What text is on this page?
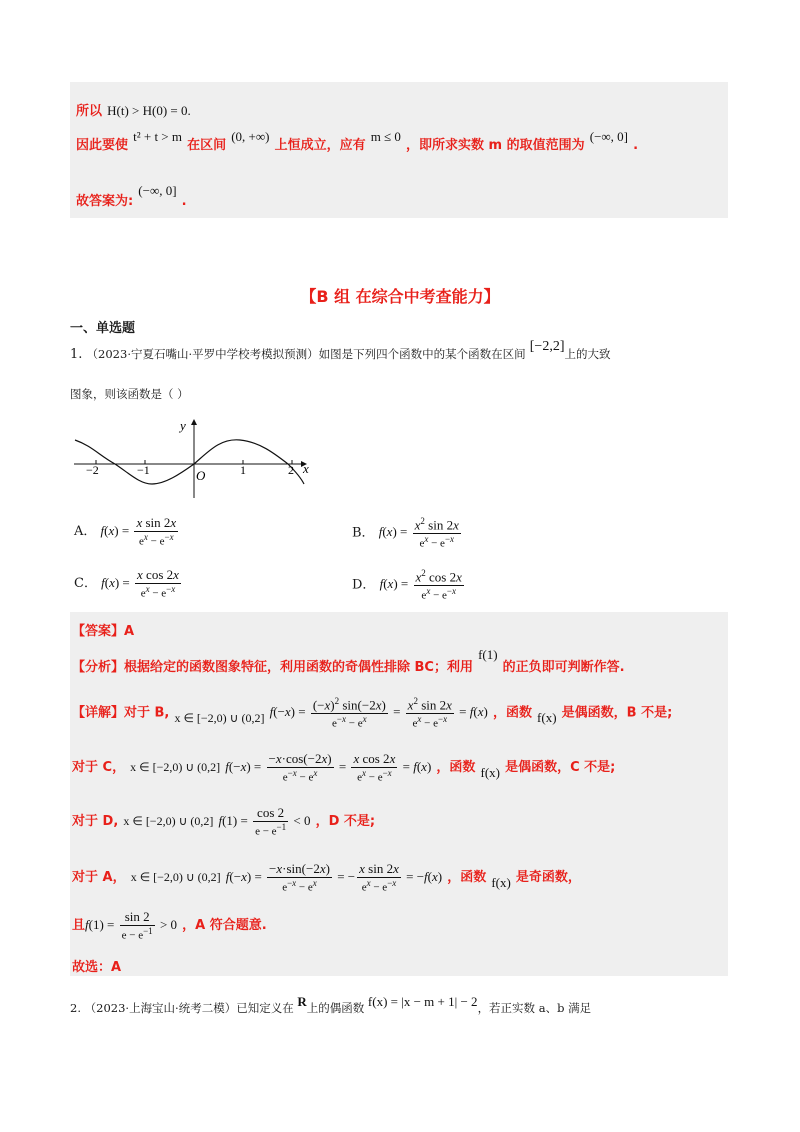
所以 H(t) > H(0) = 0.
因此要使 $^{t^2 + t > m}$ 在区间 $^{(0, +\infty)}$ 上恒成立，应有 $^{m \le 0}$ ，即所求实数 m 的取值范围为 $^{(-\infty, 0]}$ .
故答案为: $^{(-\infty, 0]}$ .
【B 组 在综合中考查能力】
一、单选题
1. （2023·宁夏石嘴山·平罗中学校考模拟预测）如图是下列四个函数中的某个函数在区间 [−2,2]上的大致
图象，则该函数是（ ）
y
x
O
−2	−1	1	2
A． $f(x) = \frac{\text{x sin 2x}}{e^x - e^{-x}}$	B． $f(x) = \frac{x^2 \sin 2x}{e^x - e^{-x}}$
C． $f(x) = \frac{\text{x cos 2x}}{e^x - e^{-x}}$	D． $f(x) = \frac{x^2 \cos 2x}{e^x - e^{-x}}$
【答案】A
【分析】根据给定的函数图象特征，利用函数的奇偶性排除 BC；利用 $^{f(1)}$ 的正负即可判断作答.
【详解】对于 B, $_{x \in [-2,0) \cup (0,2]}$ $f(-x) = \frac{(-x)^2 \sin(-2x)}{e^{-x} - e^x} = \frac{x^2 \sin 2x}{e^x - e^{-x}} = f(x)$ ，函数 $_{f(x)}$ 是偶函数，B 不是;
对于 C， x ∈ [−2,0) ∪ (0,2] $f(-x) = \frac{-x\cdot\cos(-2x)}{e^{-x} - e^x} = \frac{\text{x cos 2x}}{e^x - e^{-x}} = f(x)$ ，函数 $_{f(x)}$ 是偶函数，C 不是;
对于 D, x ∈ [−2,0) ∪ (0,2] $f(1) = \frac{\cos 2}{e - e^{-1}} < 0$ ，D 不是;
对于 A， x ∈ [−2,0) ∪ (0,2] $f(-x) = \frac{-x\cdot\sin(-2x)}{e^{-x} - e^x}$ = − $\frac{\text{x sin 2x}}{e^x - e^{-x}} = -f(x)$ ，函数 $_{f(x)}$ 是奇函数，
且$f(1) = \frac{\sin 2}{e - e^{-1}} > 0$ ，A 符合题意.
故选：A
2. （2023·上海宝山·统考二模）已知定义在 R上的偶函数 f(x) = |x − m + 1| − 2，若正实数 a、b 满足
